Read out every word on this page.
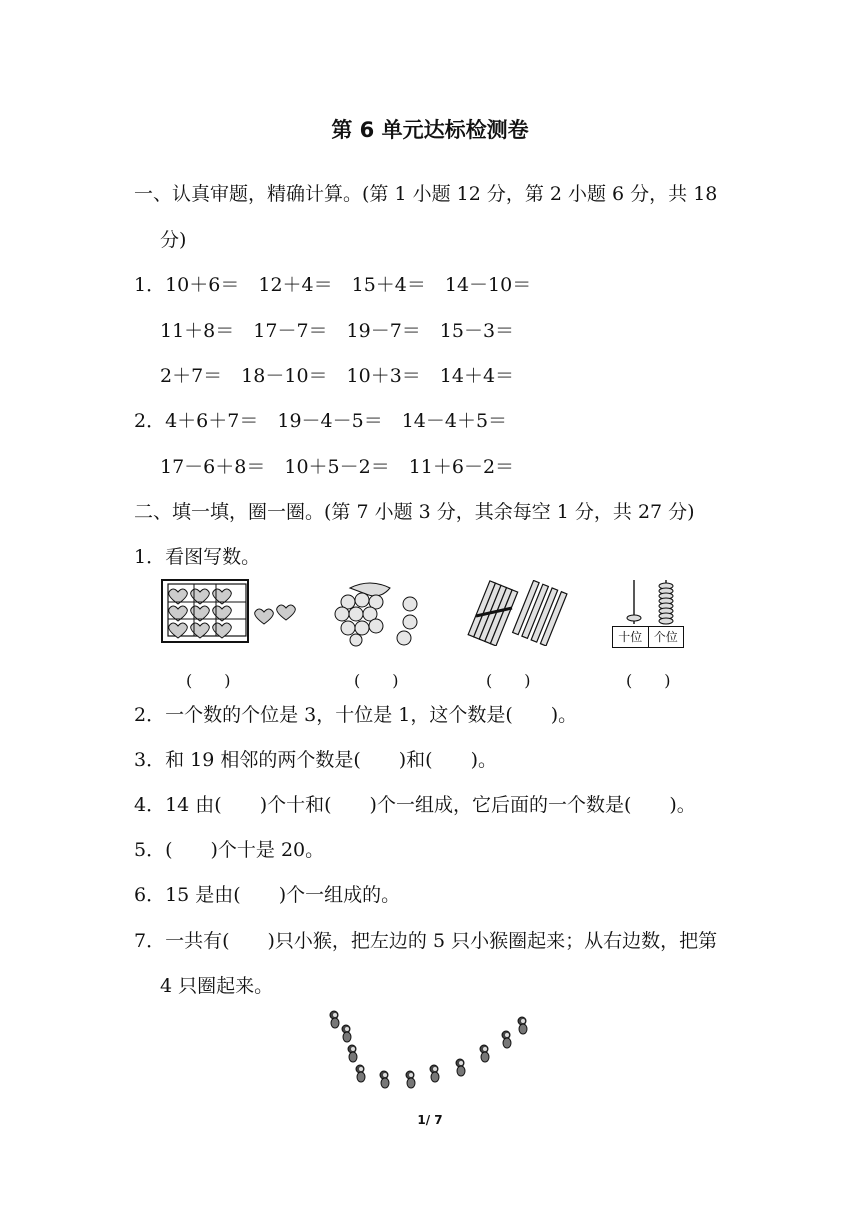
第 6 单元达标检测卷
一、认真审题，精确计算。(第 1 小题 12 分，第 2 小题 6 分，共 18
分)
1．10＋6＝　12＋4＝　15＋4＝　14－10＝
11＋8＝　17－7＝　19－7＝　15－3＝
2＋7＝　18－10＝　10＋3＝　14＋4＝
2．4＋6＋7＝　19－4－5＝　14－4＋5＝
17－6＋8＝　10＋5－2＝　11＋6－2＝
二、填一填，圈一圈。(第 7 小题 3 分，其余每空 1 分，共 27 分)
1．看图写数。
十位 个位
(　　)	(　　)	(　　)	(　　)
2．一个数的个位是 3，十位是 1，这个数是(　　)。
3．和 19 相邻的两个数是(　　)和(　　)。
4．14 由(　　)个十和(　　)个一组成，它后面的一个数是(　　)。
5．(　　)个十是 20。
6．15 是由(　　)个一组成的。
7．一共有(　　)只小猴，把左边的 5 只小猴圈起来；从右边数，把第
4 只圈起来。
1/ 7
